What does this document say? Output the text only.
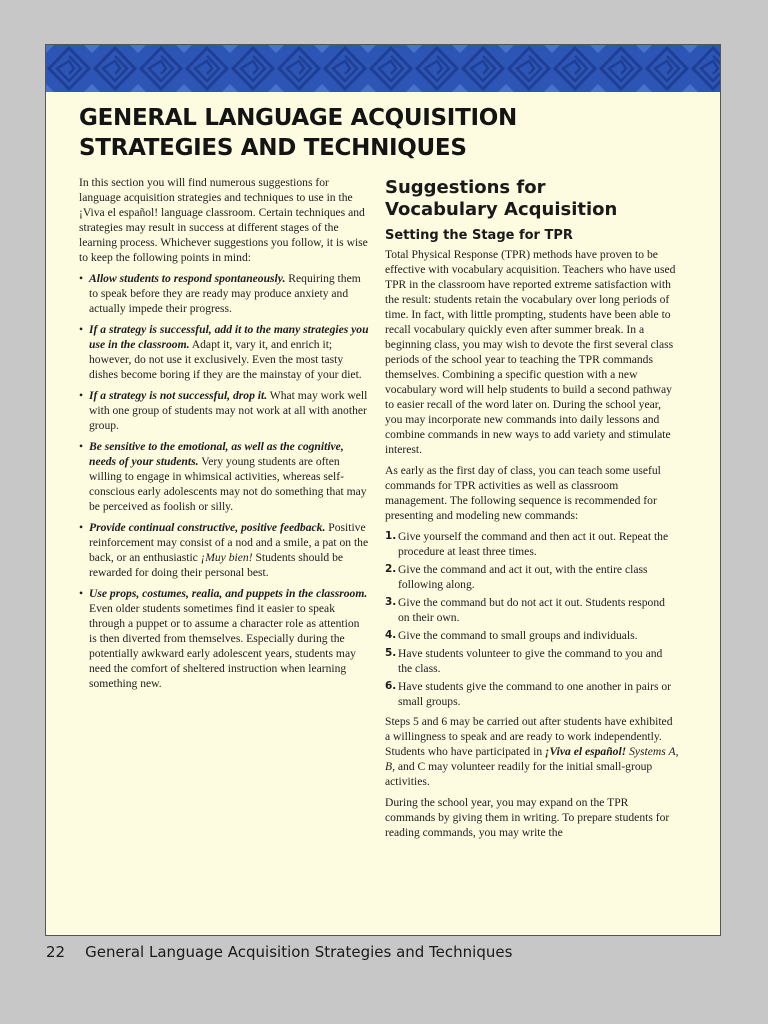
GENERAL LANGUAGE ACQUISITION
STRATEGIES AND TECHNIQUES

In this section you will find numerous suggestions for language acquisition strategies and techniques to use in the ¡Viva el español! language classroom. Certain techniques and strategies may result in success at different stages of the learning process. Whichever suggestions you follow, it is wise to keep the following points in mind:

• Allow students to respond spontaneously. Requiring them to speak before they are ready may produce anxiety and actually impede their progress.
• If a strategy is successful, add it to the many strategies you use in the classroom. Adapt it, vary it, and enrich it; however, do not use it exclusively. Even the most tasty dishes become boring if they are the mainstay of your diet.
• If a strategy is not successful, drop it. What may work well with one group of students may not work at all with another group.
• Be sensitive to the emotional, as well as the cognitive, needs of your students. Very young students are often willing to engage in whimsical activities, whereas self-conscious early adolescents may not do something that may be perceived as foolish or silly.
• Provide continual constructive, positive feedback. Positive reinforcement may consist of a nod and a smile, a pat on the back, or an enthusiastic ¡Muy bien! Students should be rewarded for doing their personal best.
• Use props, costumes, realia, and puppets in the classroom. Even older students sometimes find it easier to speak through a puppet or to assume a character role as attention is then diverted from themselves. Especially during the potentially awkward early adolescent years, students may need the comfort of sheltered instruction when learning something new.
Suggestions for
Vocabulary Acquisition
Setting the Stage for TPR

Total Physical Response (TPR) methods have proven to be effective with vocabulary acquisition. Teachers who have used TPR in the classroom have reported extreme satisfaction with the result: students retain the vocabulary over long periods of time. In fact, with little prompting, students have been able to recall vocabulary quickly even after summer break. In a beginning class, you may wish to devote the first several class periods of the school year to teaching the TPR commands themselves. Combining a specific question with a new vocabulary word will help students to build a second pathway to easier recall of the word later on. During the school year, you may incorporate new commands into daily lessons and combine commands in new ways to add variety and stimulate interest.

As early as the first day of class, you can teach some useful commands for TPR activities as well as classroom management. The following sequence is recommended for presenting and modeling new commands:

1. Give yourself the command and then act it out. Repeat the procedure at least three times.
2. Give the command and act it out, with the entire class following along.
3. Give the command but do not act it out. Students respond on their own.
4. Give the command to small groups and individuals.
5. Have students volunteer to give the command to you and the class.
6. Have students give the command to one another in pairs or small groups.

Steps 5 and 6 may be carried out after students have exhibited a willingness to speak and are ready to work independently. Students who have participated in ¡Viva el español! Systems A, B, and C may volunteer readily for the initial small-group activities.

During the school year, you may expand on the TPR commands by giving them in writing. To prepare students for reading commands, you may write the

22 General Language Acquisition Strategies and Techniques
